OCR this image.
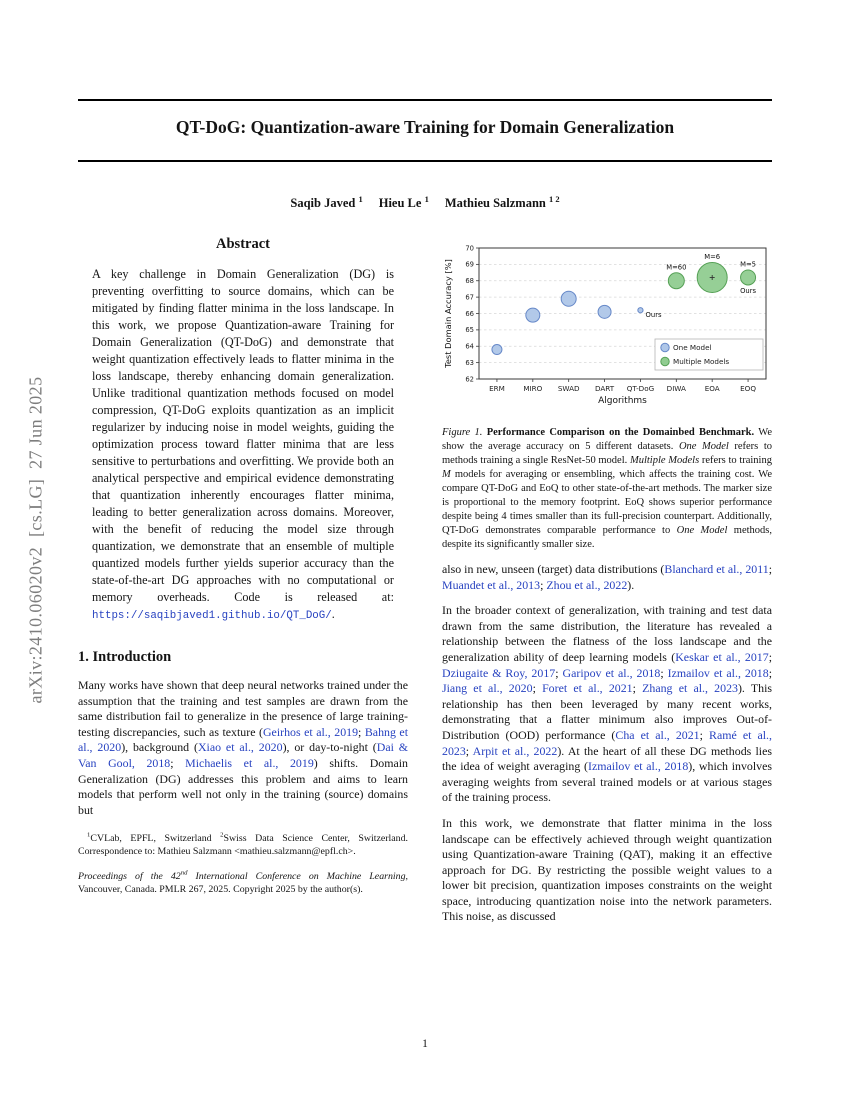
arXiv:2410.06020v2  [cs.LG]  27 Jun 2025
QT-DoG: Quantization-aware Training for Domain Generalization
Saqib Javed $^1$ Hieu Le $^1$ Mathieu Salzmann $^{1 2}$
Abstract
A key challenge in Domain Generalization (DG) is preventing overfitting to source domains, which can be mitigated by finding flatter minima in the loss landscape. In this work, we propose Quantization-aware Training for Domain Generalization (QT-DoG) and demonstrate that weight quantization effectively leads to flatter minima in the loss landscape, thereby enhancing domain generalization. Unlike traditional quantization methods focused on model compression, QT-DoG exploits quantization as an implicit regularizer by inducing noise in model weights, guiding the optimization process toward flatter minima that are less sensitive to perturbations and overfitting. We provide both an analytical perspective and empirical evidence demonstrating that quantization inherently encourages flatter minima, leading to better generalization across domains. Moreover, with the benefit of reducing the model size through quantization, we demonstrate that an ensemble of multiple quantized models further yields superior accuracy than the state-of-the-art DG approaches with no computational or memory overheads. Code is released at: https://saqibjaved1.github.io/QT_DoG/.
1. Introduction
Many works have shown that deep neural networks trained under the assumption that the training and test samples are drawn from the same distribution fail to generalize in the presence of large training-testing discrepancies, such as texture (Geirhos et al., 2019; Bahng et al., 2020), background (Xiao et al., 2020), or day-to-night (Dai & Van Gool, 2018; Michaelis et al., 2019) shifts. Domain Generalization (DG) addresses this problem and aims to learn models that perform well not only in the training (source) domains but
$^1$CVLab, EPFL, Switzerland $^2$Swiss Data Science Center, Switzerland. Correspondence to: Mathieu Salzmann <mathieu.salzmann@epfl.ch>.
Proceedings of the 42nd International Conference on Machine Learning, Vancouver, Canada. PMLR 267, 2025. Copyright 2025 by the author(s).
62
63
64
65
66
67
68
69
70
ERM	MIRO SWAD DART QT-DoG DIWA	EOA	EOQ
Algorithms
Test Domain Accuracy [%]	Ours
M=60
M=6
M=5
Ours
One Model
Multiple Models
Figure 1. Performance Comparison on the Domainbed Benchmark. We show the average accuracy on 5 different datasets. One Model refers to methods training a single ResNet-50 model. Multiple Models refers to training M models for averaging or ensembling, which affects the training cost. We compare QT-DoG and EoQ to other state-of-the-art methods. The marker size is proportional to the memory footprint. EoQ shows superior performance despite being 4 times smaller than its full-precision counterpart. Additionally, QT-DoG demonstrates comparable performance to One Model methods, despite its significantly smaller size.
also in new, unseen (target) data distributions (Blanchard et al., 2011; Muandet et al., 2013; Zhou et al., 2022).
In the broader context of generalization, with training and test data drawn from the same distribution, the literature has revealed a relationship between the flatness of the loss landscape and the generalization ability of deep learning models (Keskar et al., 2017; Dziugaite & Roy, 2017; Garipov et al., 2018; Izmailov et al., 2018; Jiang et al., 2020; Foret et al., 2021; Zhang et al., 2023). This relationship has then been leveraged by many recent works, demonstrating that a flatter minimum also improves Out-of-Distribution (OOD) performance (Cha et al., 2021; Ramé et al., 2023; Arpit et al., 2022). At the heart of all these DG methods lies the idea of weight averaging (Izmailov et al., 2018), which involves averaging weights from several trained models or at various stages of the training process.
In this work, we demonstrate that flatter minima in the loss landscape can be effectively achieved through weight quantization using Quantization-aware Training (QAT), making it an effective approach for DG. By restricting the possible weight values to a lower bit precision, quantization imposes constraints on the weight space, introducing quantization noise into the network parameters. This noise, as discussed
1
